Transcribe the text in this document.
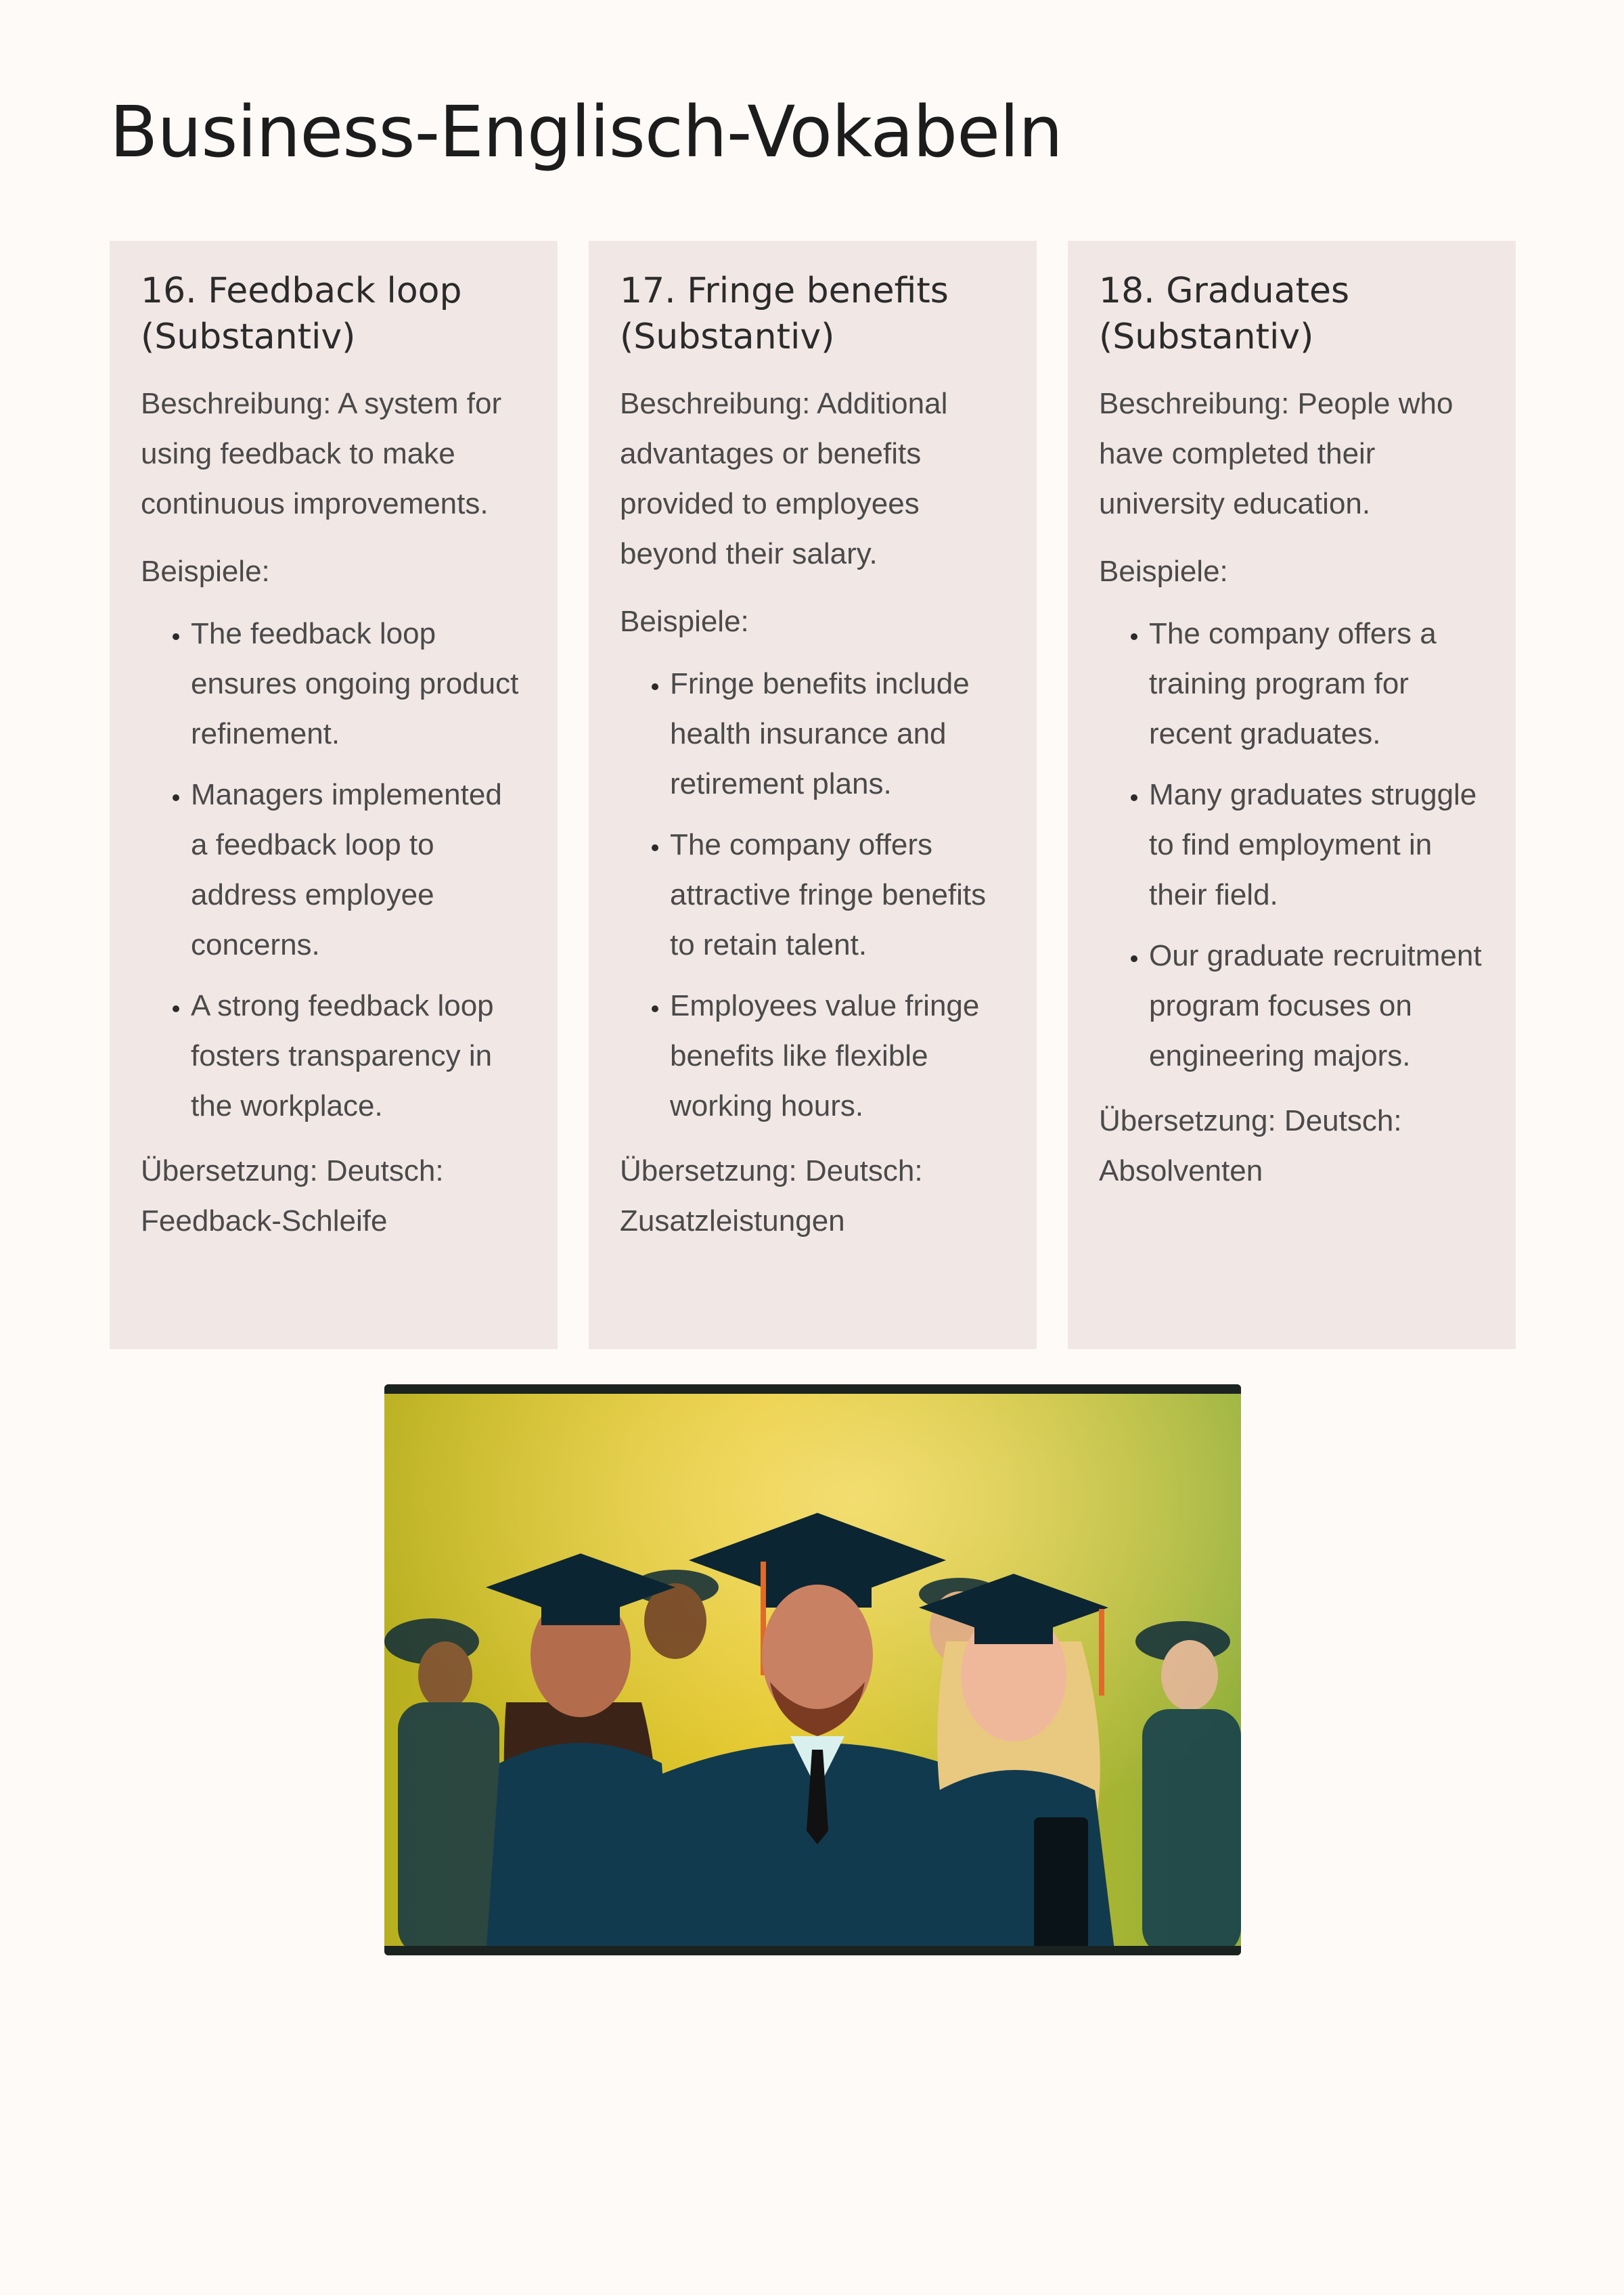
Business-Englisch-Vokabeln
16. Feedback loop (Substantiv)

Beschreibung: A system for using feedback to make continuous improvements.

Beispiele:

• The feedback loop ensures ongoing product refinement.
• Managers implemented a feedback loop to address employee concerns.
• A strong feedback loop fosters transparency in the workplace.

Übersetzung: Deutsch: Feedback-Schleife

17. Fringe benefits (Substantiv)

Beschreibung: Additional advantages or benefits provided to employees beyond their salary.

Beispiele:

• Fringe benefits include health insurance and retirement plans.
• The company offers attractive fringe benefits to retain talent.
• Employees value fringe benefits like flexible working hours.

Übersetzung: Deutsch: Zusatzleistungen

18. Graduates (Substantiv)

Beschreibung: People who have completed their university education.

Beispiele:

• The company offers a training program for recent graduates.
• Many graduates struggle to find employment in their field.
• Our graduate recruitment program focuses on engineering majors.

Übersetzung: Deutsch: Absolventen
